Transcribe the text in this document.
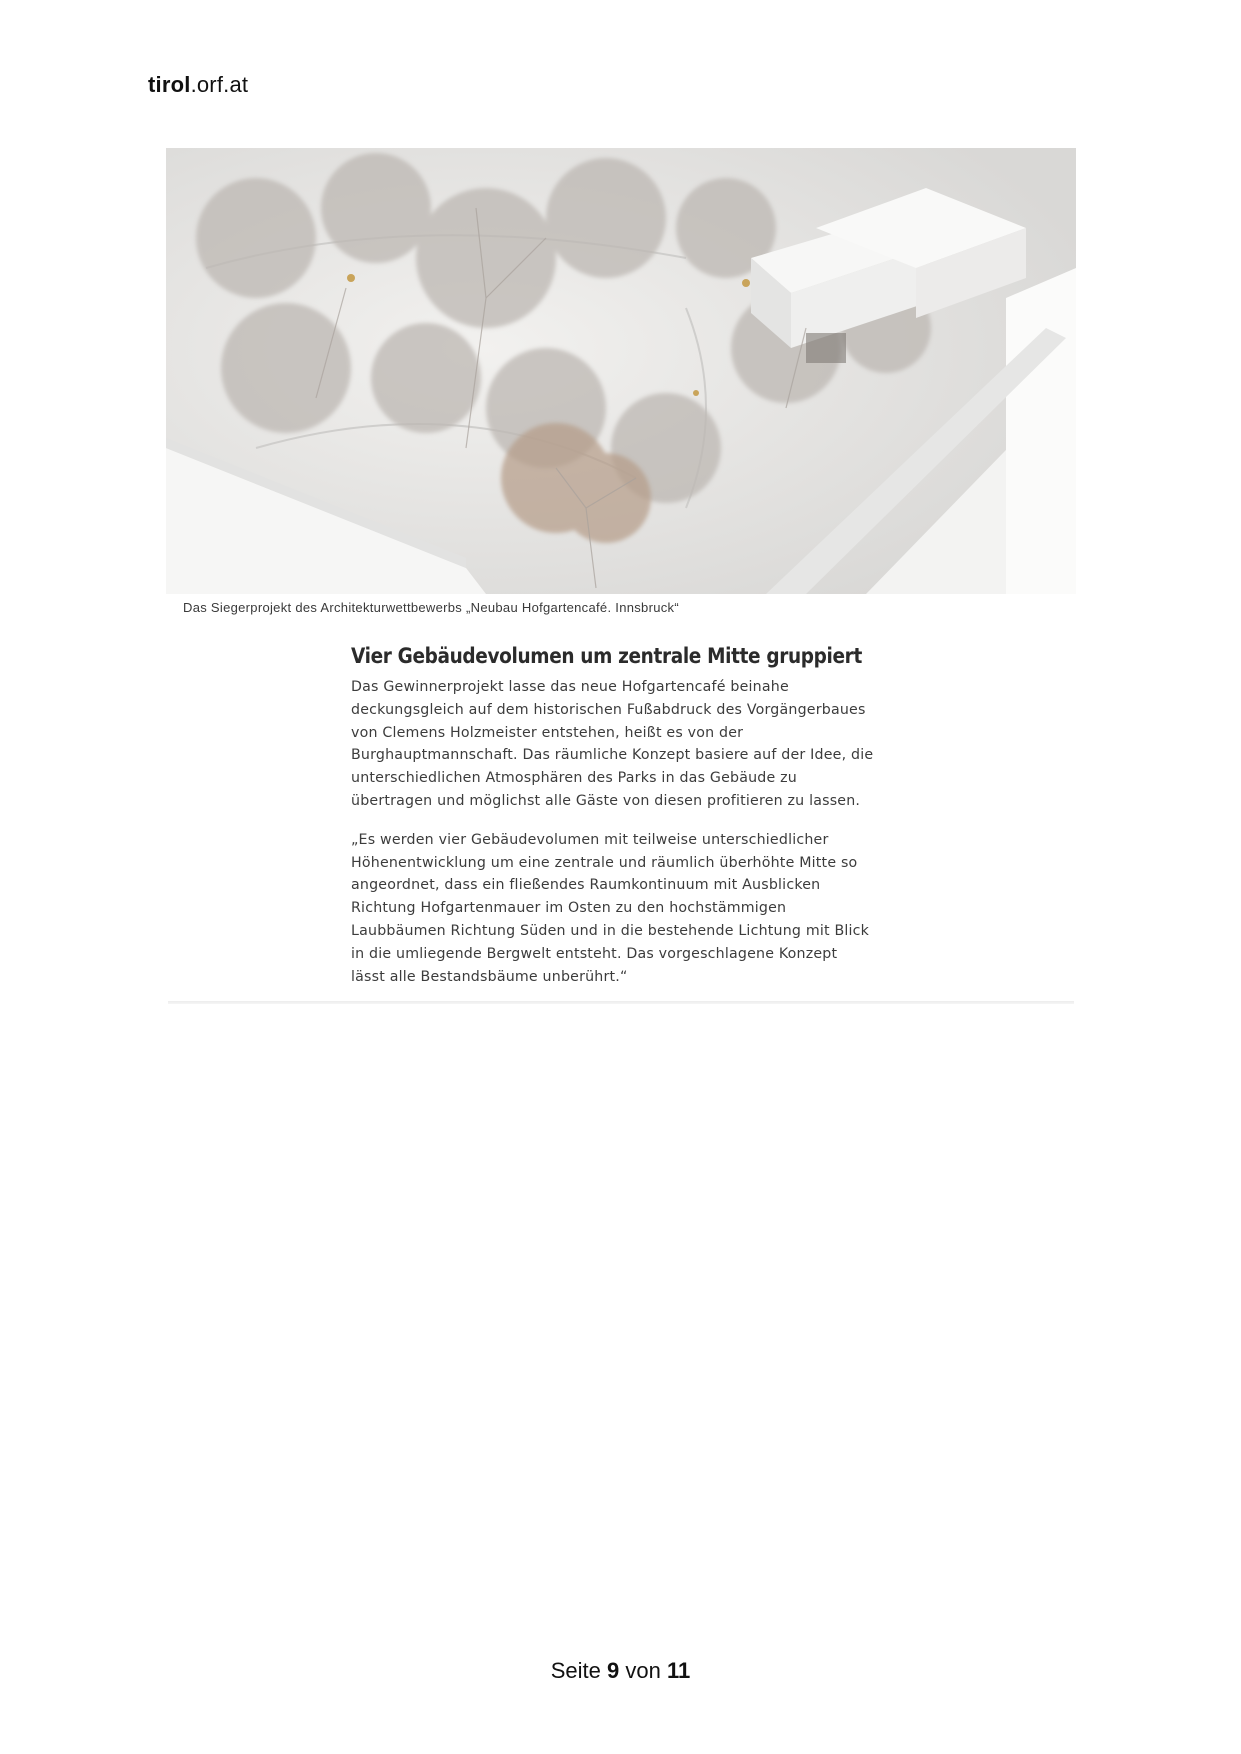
tirol.orf.at
Das Siegerprojekt des Architekturwettbewerbs „Neubau Hofgartencafé. Innsbruck“
Vier Gebäudevolumen um zentrale Mitte gruppiert

Das Gewinnerprojekt lasse das neue Hofgartencafé beinahe
deckungsgleich auf dem historischen Fußabdruck des Vorgängerbaues
von Clemens Holzmeister entstehen, heißt es von der
Burghauptmannschaft. Das räumliche Konzept basiere auf der Idee, die
unterschiedlichen Atmosphären des Parks in das Gebäude zu
übertragen und möglichst alle Gäste von diesen profitieren zu lassen.

„Es werden vier Gebäudevolumen mit teilweise unterschiedlicher
Höhenentwicklung um eine zentrale und räumlich überhöhte Mitte so
angeordnet, dass ein fließendes Raumkontinuum mit Ausblicken
Richtung Hofgartenmauer im Osten zu den hochstämmigen
Laubbäumen Richtung Süden und in die bestehende Lichtung mit Blick
in die umliegende Bergwelt entsteht. Das vorgeschlagene Konzept
lässt alle Bestandsbäume unberührt.“

Seite 9 von 11
